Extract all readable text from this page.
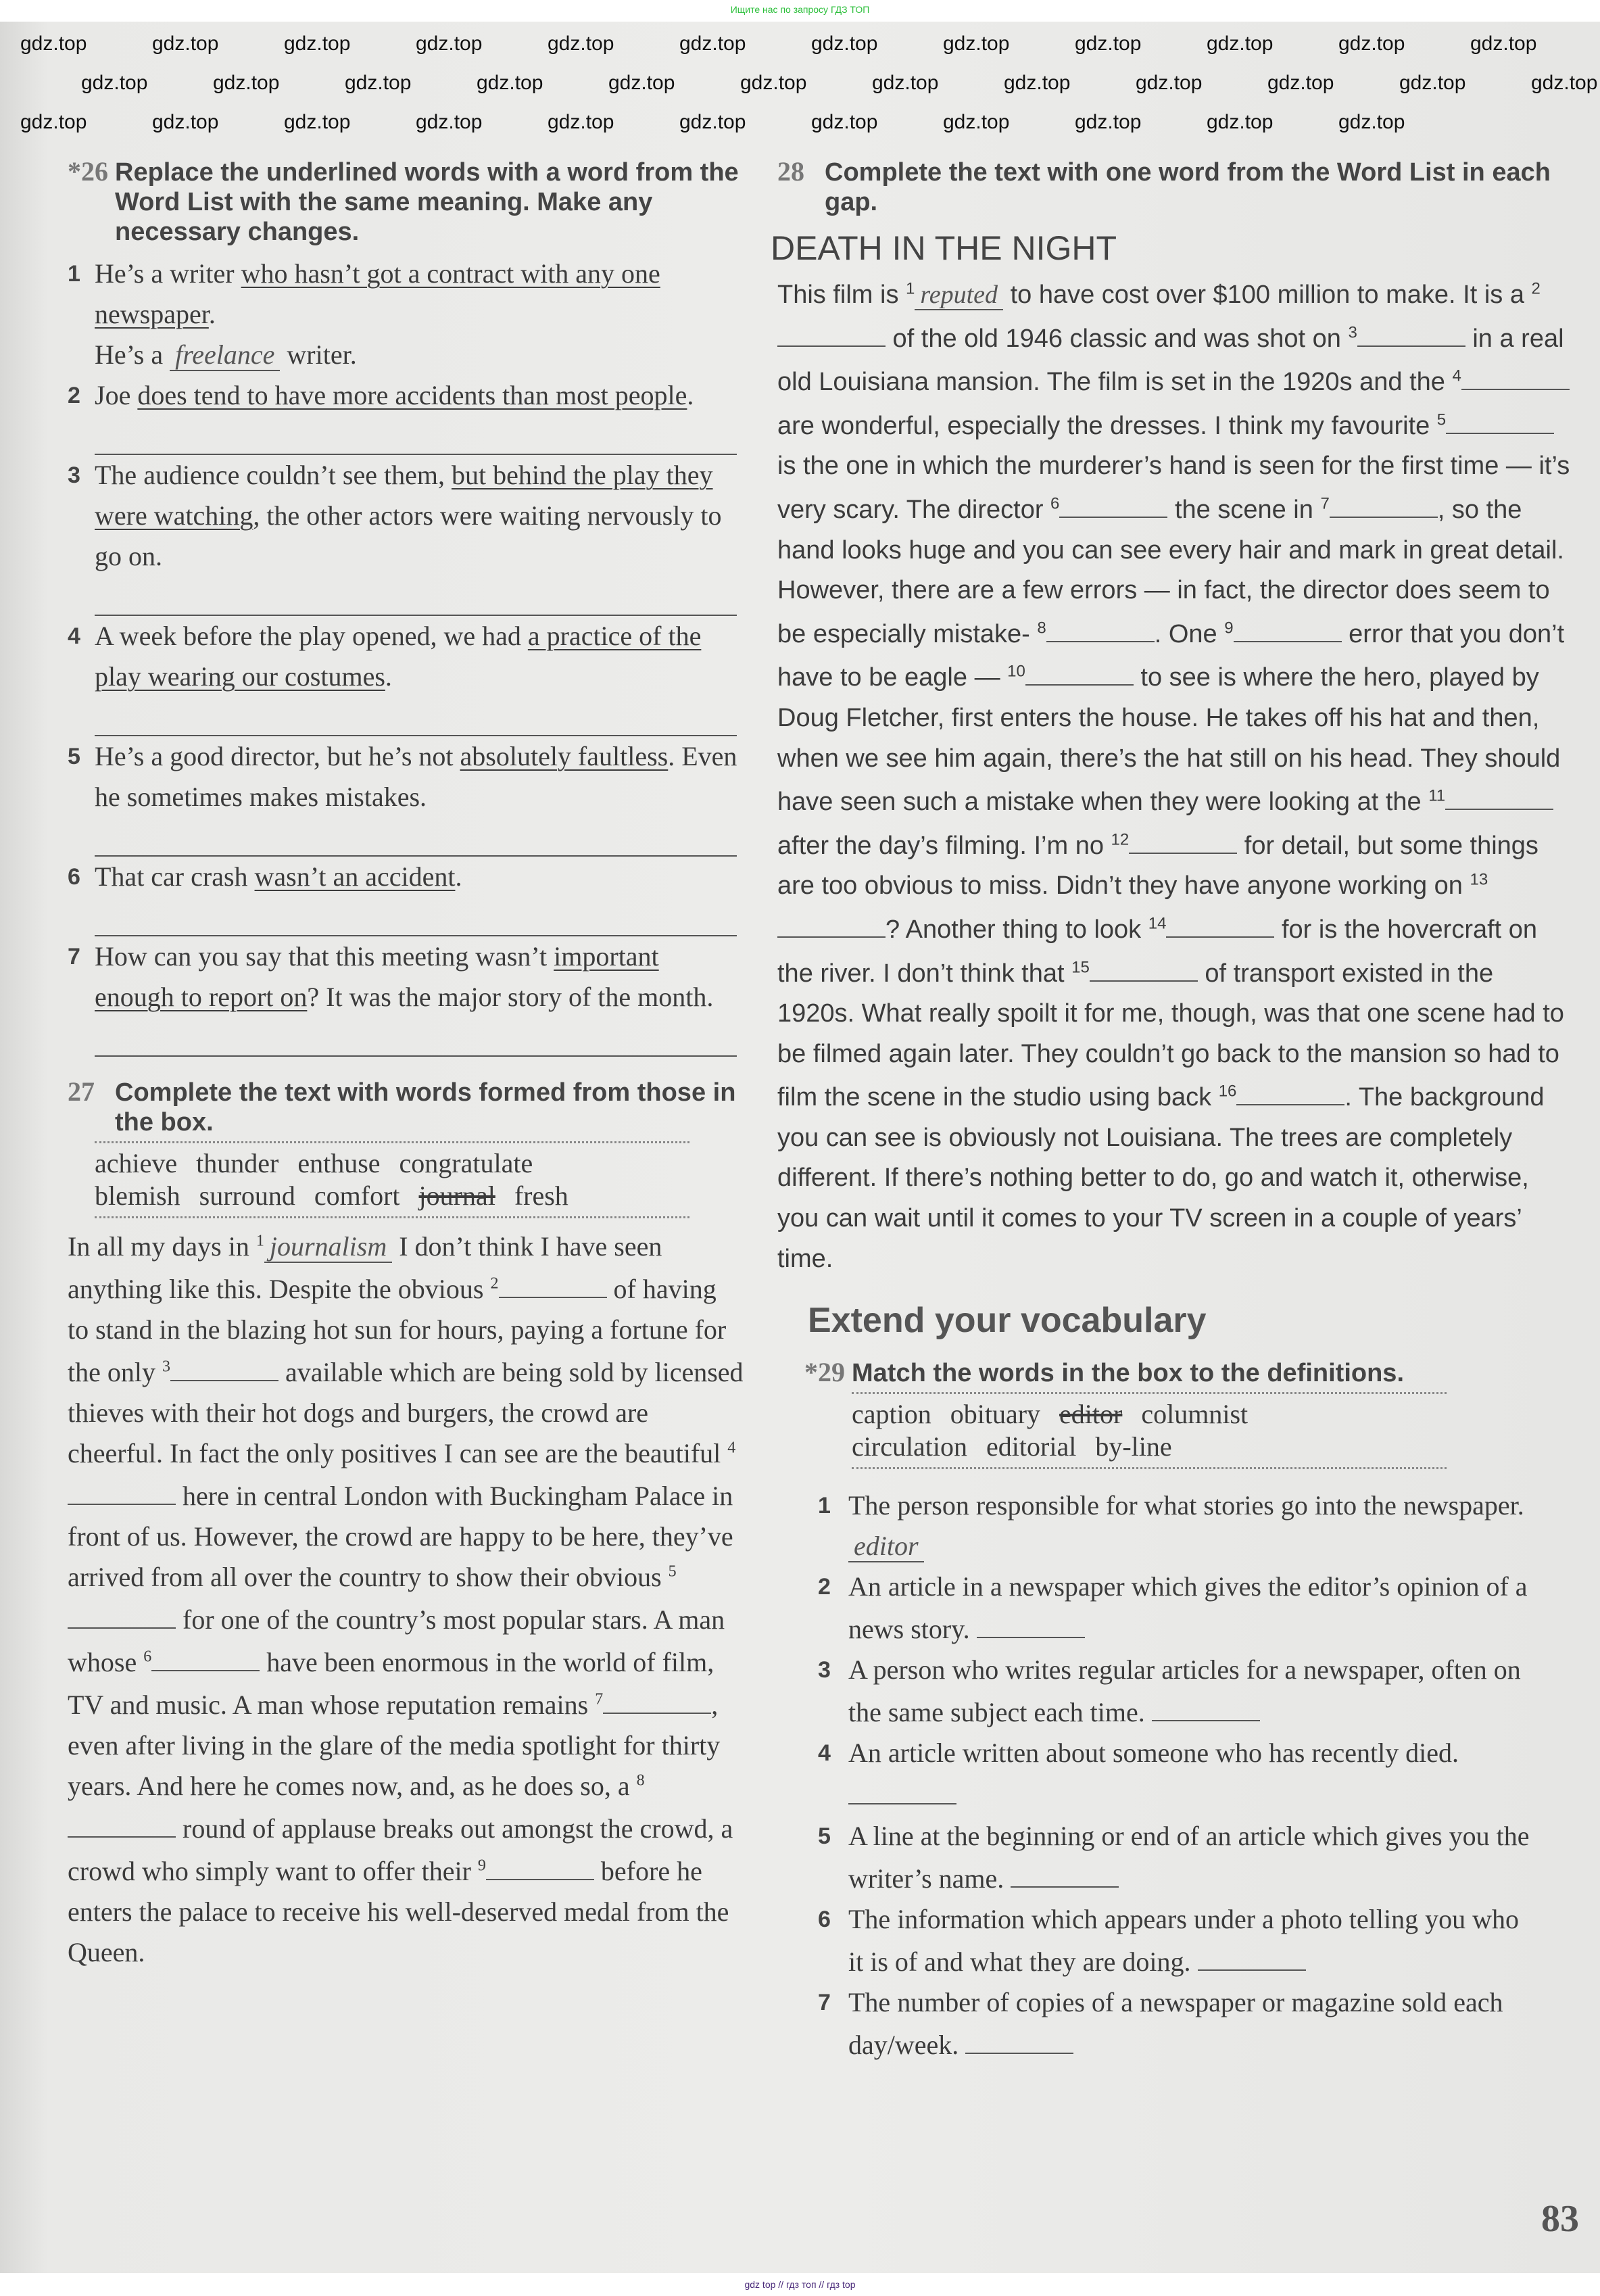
Ищите нас по запросу ГДЗ ТОП
*26 Replace the underlined words with a word from the Word List with the same meaning. Make any necessary changes.
1 He’s a writer who hasn’t got a contract with any one newspaper.
He’s a freelance writer.
2 Joe does tend to have more accidents than most people.
3 The audience couldn’t see them, but behind the play they were watching, the other actors were waiting nervously to go on.
4 A week before the play opened, we had a practice of the play wearing our costumes.
5 He’s a good director, but he’s not absolutely faultless. Even he sometimes makes mistakes.
6 That car crash wasn’t an accident.
7 How can you say that this meeting wasn’t important enough to report on? It was the major story of the month.
27 Complete the text with words formed from those in the box.
achieve thunder enthuse congratulate
blemish surround comfort journal fresh
In all my days in $^1$ journalism I don’t think I have seen anything like this. Despite the obvious $^2$	of having to stand in the blazing hot sun for hours, paying a fortune for the only $^3$	available which are being sold by licensed thieves with their hot dogs and burgers, the crowd are cheerful. In fact the only positives I can see are the beautiful $^4$ here in central London with Buckingham Palace in front of us. However, the crowd are happy to be here, they’ve arrived from all over the country to show their obvious $^5$ for one of the country’s most popular stars. A man whose $^6$	have been enormous in the world of film, TV and music. A man whose reputation remains $^7$	, even after living in the glare of the media spotlight for thirty years. And here he comes now, and, as he does so, a $^8$ round of applause breaks out amongst the crowd, a crowd who simply want to offer their $^9$	before he enters the palace to receive his well-deserved medal from the Queen.
28 Complete the text with one word from the Word List in each gap.
DEATH IN THE NIGHT
This film is $^1$ reputed to have cost over $100 million to make. It is a $^2$ of the old 1946 classic and was shot on $^3$	in a real old Louisiana mansion. The film is set in the 1920s and the $^4$ are wonderful, especially the dresses. I think my favourite $^5$ is the one in which the murderer’s hand is seen for the first time — it’s very scary. The director $^6$	the scene in $^7$	, so the hand looks huge and you can see every hair and mark in great detail.
However, there are a few errors — in fact, the director does seem to be especially mistake- $^8$	. One $^9$	error that you don’t have to be eagle — $^{10}$	to see is where the hero, played by Doug Fletcher, first enters the house. He takes off his hat and then, when we see him again, there’s the hat still on his head. They should have seen such a mistake when they were looking at the $^{11}$ after the day’s filming. I’m no $^{12}$	for detail, but some things are too obvious to miss. Didn’t they have anyone working on $^{13}$? Another thing to look $^{14}$	for is the hovercraft on the river. I don’t think that $^{15}$	of transport existed in the 1920s. What really spoilt it for me, though, was that one scene had to be filmed again later. They couldn’t go back to the mansion so had to film the scene in the studio using back $^{16}$	. The background you can see is obviously not Louisiana. The trees are completely different. If there’s nothing better to do, go and watch it, otherwise, you can wait until it comes to your TV screen in a couple of years’ time.
Extend your vocabulary
*29 Match the words in the box to the definitions.
caption obituary editor columnist
circulation editorial by-line
1 The person responsible for what stories go into the newspaper. editor
2 An article in a newspaper which gives the editor’s opinion of a news story.
3 A person who writes regular articles for a newspaper, often on the same subject each time.
4 An article written about someone who has recently died.
5 A line at the beginning or end of an article which gives you the writer’s name.
6 The information which appears under a photo telling you who it is of and what they are doing.
7 The number of copies of a newspaper or magazine sold each day/week.
83
gdz top // гдз топ // гдз top
gdz.top	gdz.top	gdz.top	gdz.top	gdz.top	gdz.top	gdz.top	gdz.top	gdz.top	gdz.top	gdz.top	gdz.top
gdz.top	gdz.top	gdz.top	gdz.top	gdz.top	gdz.top	gdz.top	gdz.top	gdz.top	gdz.top	gdz.top	gdz.top
gdz.top	gdz.top	gdz.top	gdz.top	gdz.top	gdz.top	gdz.top	gdz.top	gdz.top	gdz.top	gdz.top
